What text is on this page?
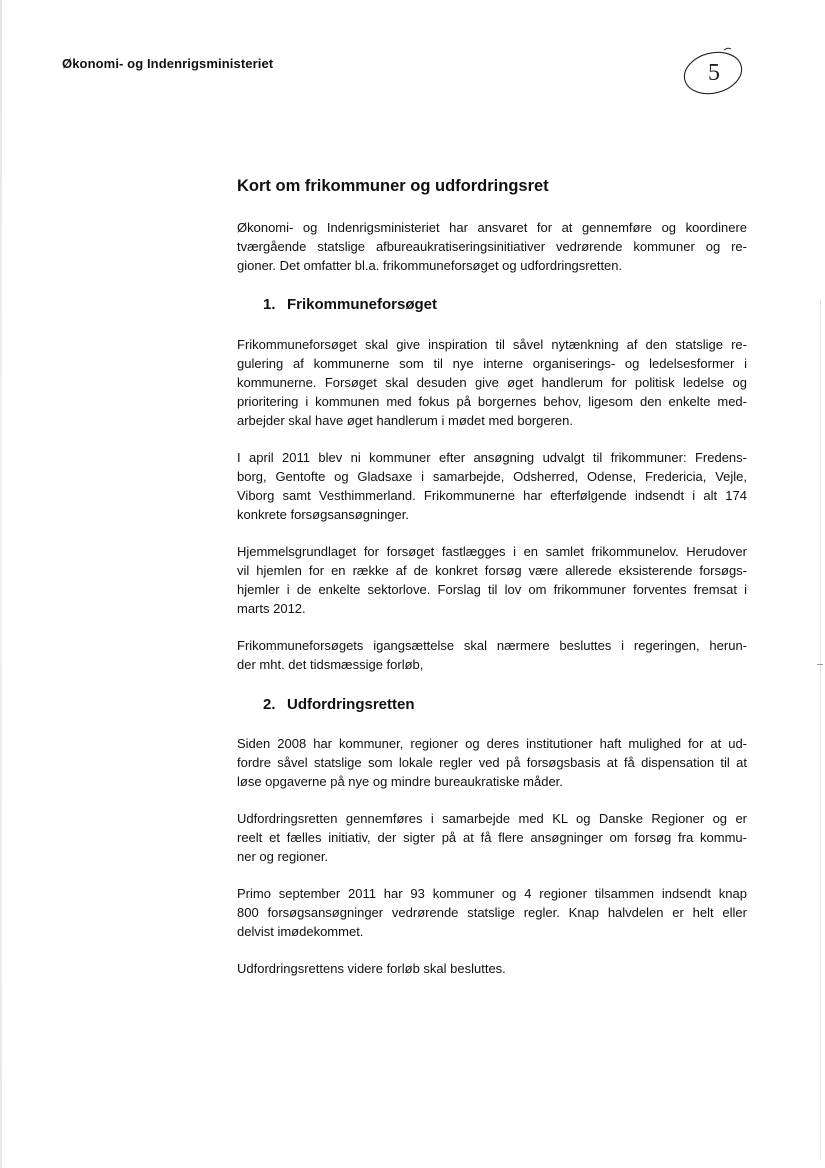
Økonomi- og Indenrigsministeriet	5
Kort om frikommuner og udfordringsret

Økonomi- og Indenrigsministeriet har ansvaret for at gennemføre og koordinere
tværgående statslige afbureaukratiseringsinitiativer vedrørende kommuner og re-
gioner. Det omfatter bl.a. frikommuneforsøget og udfordringsretten.

1. Frikommuneforsøget

Frikommuneforsøget skal give inspiration til såvel nytænkning af den statslige re-
gulering af kommunerne som til nye interne organiserings- og ledelsesformer i
kommunerne. Forsøget skal desuden give øget handlerum for politisk ledelse og
prioritering i kommunen med fokus på borgernes behov, ligesom den enkelte med-
arbejder skal have øget handlerum i mødet med borgeren.

I april 2011 blev ni kommuner efter ansøgning udvalgt til frikommuner: Fredens-
borg, Gentofte og Gladsaxe i samarbejde, Odsherred, Odense, Fredericia, Vejle,
Viborg samt Vesthimmerland. Frikommunerne har efterfølgende indsendt i alt 174
konkrete forsøgsansøgninger.

Hjemmelsgrundlaget for forsøget fastlægges i en samlet frikommunelov. Herudover
vil hjemlen for en række af de konkret forsøg være allerede eksisterende forsøgs-
hjemler i de enkelte sektorlove. Forslag til lov om frikommuner forventes fremsat i
marts 2012.

Frikommuneforsøgets igangsættelse skal nærmere besluttes i regeringen, herun-
der mht. det tidsmæssige forløb,

2. Udfordringsretten

Siden 2008 har kommuner, regioner og deres institutioner haft mulighed for at ud-
fordre såvel statslige som lokale regler ved på forsøgsbasis at få dispensation til at
løse opgaverne på nye og mindre bureaukratiske måder.

Udfordringsretten gennemføres i samarbejde med KL og Danske Regioner og er
reelt et fælles initiativ, der sigter på at få flere ansøgninger om forsøg fra kommu-
ner og regioner.

Primo september 2011 har 93 kommuner og 4 regioner tilsammen indsendt knap
800 forsøgsansøgninger vedrørende statslige regler. Knap halvdelen er helt eller
delvist imødekommet.

Udfordringsrettens videre forløb skal besluttes.
